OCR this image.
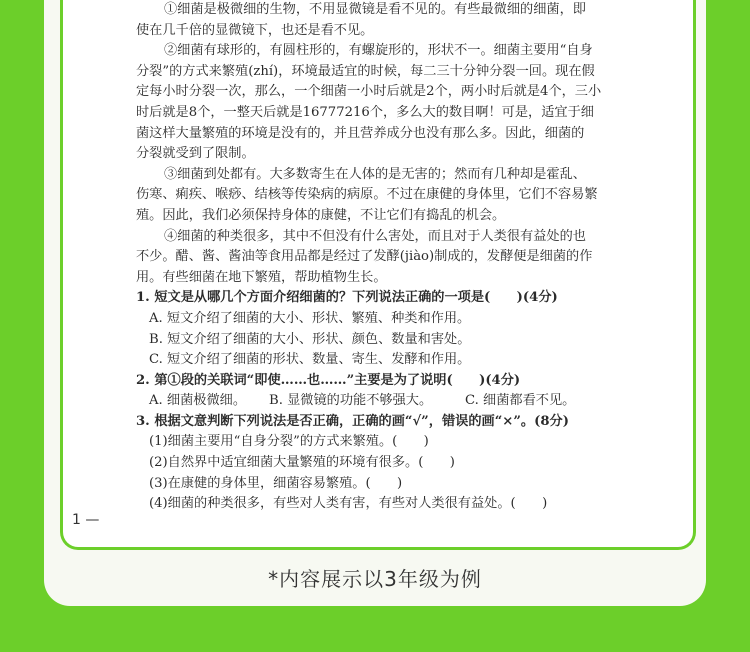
①细菌是极微细的生物，不用显微镜是看不见的。有些最微细的细菌，即
使在几千倍的显微镜下，也还是看不见。
②细菌有球形的，有圆柱形的，有螺旋形的，形状不一。细菌主要用“自身
分裂”的方式来繁殖(zhí)，环境最适宜的时候，每二三十分钟分裂一回。现在假
定每小时分裂一次，那么，一个细菌一小时后就是2个，两小时后就是4个，三小
时后就是8个，一整天后就是16777216个，多么大的数目啊！可是，适宜于细
菌这样大量繁殖的环境是没有的，并且营养成分也没有那么多。因此，细菌的
分裂就受到了限制。
③细菌到处都有。大多数寄生在人体的是无害的；然而有几种却是霍乱、
伤寒、痢疾、喉痧、结核等传染病的病原。不过在康健的身体里，它们不容易繁
殖。因此，我们必须保持身体的康健，不让它们有捣乱的机会。
④细菌的种类很多，其中不但没有什么害处，而且对于人类很有益处的也
不少。醋、酱、酱油等食用品都是经过了发酵(jiào)制成的，发酵便是细菌的作
用。有些细菌在地下繁殖，帮助植物生长。
1. 短文是从哪几个方面介绍细菌的？下列说法正确的一项是(　　)(4分)
A. 短文介绍了细菌的大小、形状、繁殖、种类和作用。
B. 短文介绍了细菌的大小、形状、颜色、数量和害处。
C. 短文介绍了细菌的形状、数量、寄生、发酵和作用。
2. 第①段的关联词“即使……也……”主要是为了说明(　　)(4分)
A. 细菌极微细。	B. 显微镜的功能不够强大。	C. 细菌都看不见。
3. 根据文意判断下列说法是否正确，正确的画“√”，错误的画“×”。(8分)
(1)细菌主要用“自身分裂”的方式来繁殖。(　　)
(2)自然界中适宜细菌大量繁殖的环境有很多。(　　)
(3)在康健的身体里，细菌容易繁殖。(　　)
(4)细菌的种类很多，有些对人类有害，有些对人类很有益处。(　　)
1 —
*内容展示以3年级为例
